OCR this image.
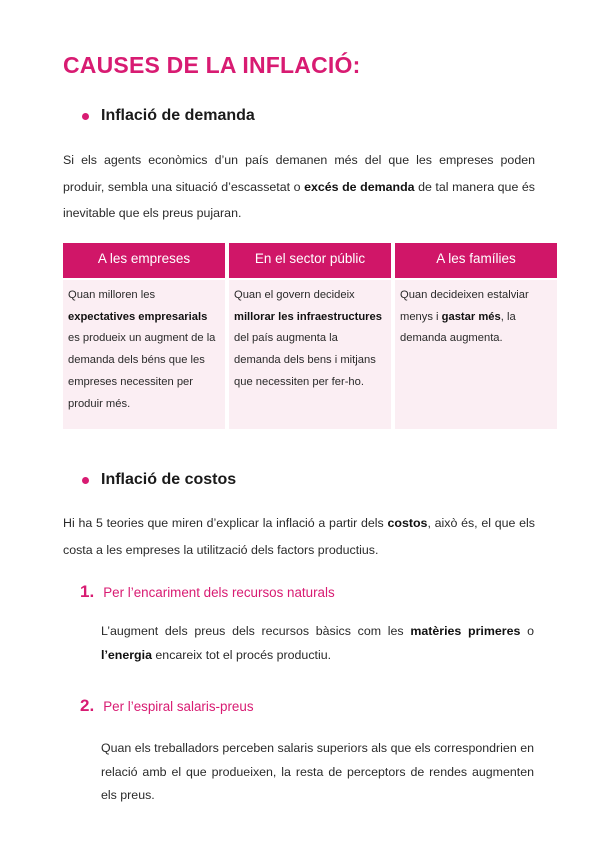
CAUSES DE LA INFLACIÓ:
Inflació de demanda

Si els agents econòmics d’un país demanen més del que les empreses poden produir, sembla una situació d’escassetat o excés de demanda de tal manera que és inevitable que els preus pujaran.

A les empreses	En el sector públic	A les famílies
Quan milloren les expectatives empresarials es produeix un augment de la demanda dels béns que les empreses necessiten per produir més.
Quan el govern decideix millorar les infraestructures del país augmenta la demanda dels bens i mitjans que necessiten per fer-ho.
Quan decideixen estalviar menys i gastar més, la demanda augmenta.
Inflació de costos

Hi ha 5 teories que miren d’explicar la inflació a partir dels costos, això és, el que els costa a les empreses la utilització dels factors productius.

1. Per l’encariment dels recursos naturals

L’augment dels preus dels recursos bàsics com les matèries primeres o l’energia encareix tot el procés productiu.

2. Per l’espiral salaris-preus

Quan els treballadors perceben salaris superiors als que els correspondrien en relació amb el que produeixen, la resta de perceptors de rendes augmenten els preus.
